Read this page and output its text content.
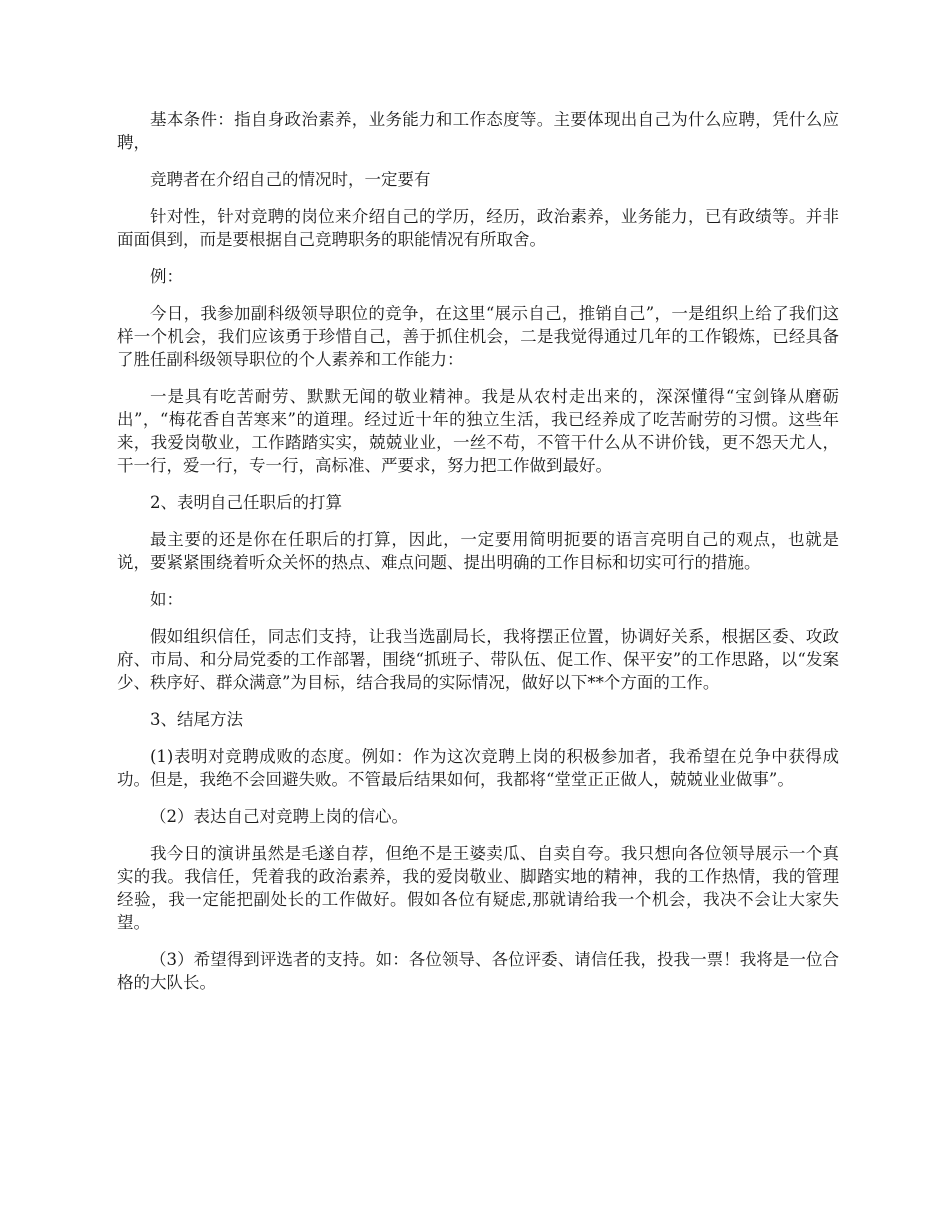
基本条件：指自身政治素养，业务能力和工作态度等。主要体现出自己为什么应聘，凭什么应聘，

竞聘者在介绍自己的情况时，一定要有

针对性，针对竞聘的岗位来介绍自己的学历，经历，政治素养，业务能力，已有政绩等。并非面面俱到，而是要根据自己竞聘职务的职能情况有所取舍。

例：

今日，我参加副科级领导职位的竞争，在这里“展示自己，推销自己”，一是组织上给了我们这样一个机会，我们应该勇于珍惜自己，善于抓住机会，二是我觉得通过几年的工作锻炼，已经具备了胜任副科级领导职位的个人素养和工作能力：

一是具有吃苦耐劳、默默无闻的敬业精神。我是从农村走出来的，深深懂得“宝剑锋从磨砺出”，“梅花香自苦寒来”的道理。经过近十年的独立生活，我已经养成了吃苦耐劳的习惯。这些年来，我爱岗敬业，工作踏踏实实，兢兢业业，一丝不苟，不管干什么从不讲价钱，更不怨天尤人，干一行，爱一行，专一行，高标准、严要求，努力把工作做到最好。

2、表明自己任职后的打算

最主要的还是你在任职后的打算，因此，一定要用简明扼要的语言亮明自己的观点，也就是说，要紧紧围绕着听众关怀的热点、难点问题、提出明确的工作目标和切实可行的措施。

如：

假如组织信任，同志们支持，让我当选副局长，我将摆正位置，协调好关系，根据区委、攻政府、市局、和分局党委的工作部署，围绕“抓班子、带队伍、促工作、保平安”的工作思路，以“发案少、秩序好、群众满意”为目标，结合我局的实际情况，做好以下**个方面的工作。

3、结尾方法

(1)表明对竞聘成败的态度。例如：作为这次竞聘上岗的积极参加者，我希望在兑争中获得成功。但是，我绝不会回避失败。不管最后结果如何，我都将“堂堂正正做人，兢兢业业做事”。

（2）表达自己对竞聘上岗的信心。

我今日的演讲虽然是毛遂自荐，但绝不是王婆卖瓜、自卖自夸。我只想向各位领导展示一个真实的我。我信任，凭着我的政治素养，我的爱岗敬业、脚踏实地的精神，我的工作热情，我的管理经验，我一定能把副处长的工作做好。假如各位有疑虑,那就请给我一个机会，我决不会让大家失望。

（3）希望得到评选者的支持。如：各位领导、各位评委、请信任我，投我一票！我将是一位合格的大队长。
